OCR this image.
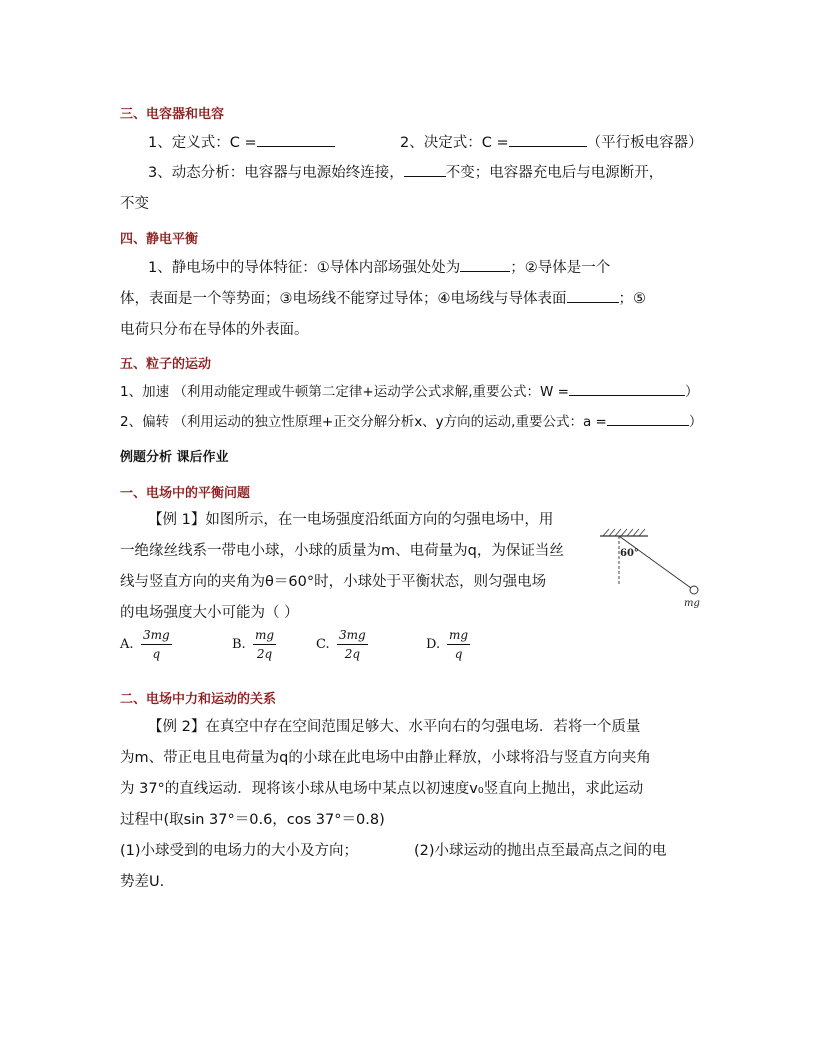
三、电容器和电容
1、定义式：C =	2、决定式：C =	（平行板电容器）
3、动态分析：电容器与电源始终连接，	不变；电容器充电后与电源断开，
不变
四、静电平衡
1、静电场中的导体特征：①导体内部场强处处为	；②导体是一个
体，表面是一个等势面；③电场线不能穿过导体；④电场线与导体表面	；⑤
电荷只分布在导体的外表面。
五、粒子的运动
1、加速 （利用动能定理或牛顿第二定律+运动学公式求解,重要公式：W =	）
2、偏转 （利用运动的独立性原理+正交分解分析x、y方向的运动,重要公式：a =	）
例题分析 课后作业
一、电场中的平衡问题
【例 1】如图所示，在一电场强度沿纸面方向的匀强电场中，用
一绝缘丝线系一带电小球，小球的质量为m、电荷量为q，为保证当丝
线与竖直方向的夹角为θ＝60°时，小球处于平衡状态，则匀强电场
的电场强度大小可能为（ ）
60°
mg
A.
3mg
q
B.
mg
2q
C.
3mg
2q
D.
mg
q
二、电场中力和运动的关系
【例 2】在真空中存在空间范围足够大、水平向右的匀强电场．若将一个质量
为m、带正电且电荷量为q的小球在此电场中由静止释放，小球将沿与竖直方向夹角
为 37°的直线运动．现将该小球从电场中某点以初速度v₀竖直向上抛出，求此运动
过程中(取sin 37°＝0.6，cos 37°＝0.8)
(1)小球受到的电场力的大小及方向；	(2)小球运动的抛出点至最高点之间的电
势差U.
